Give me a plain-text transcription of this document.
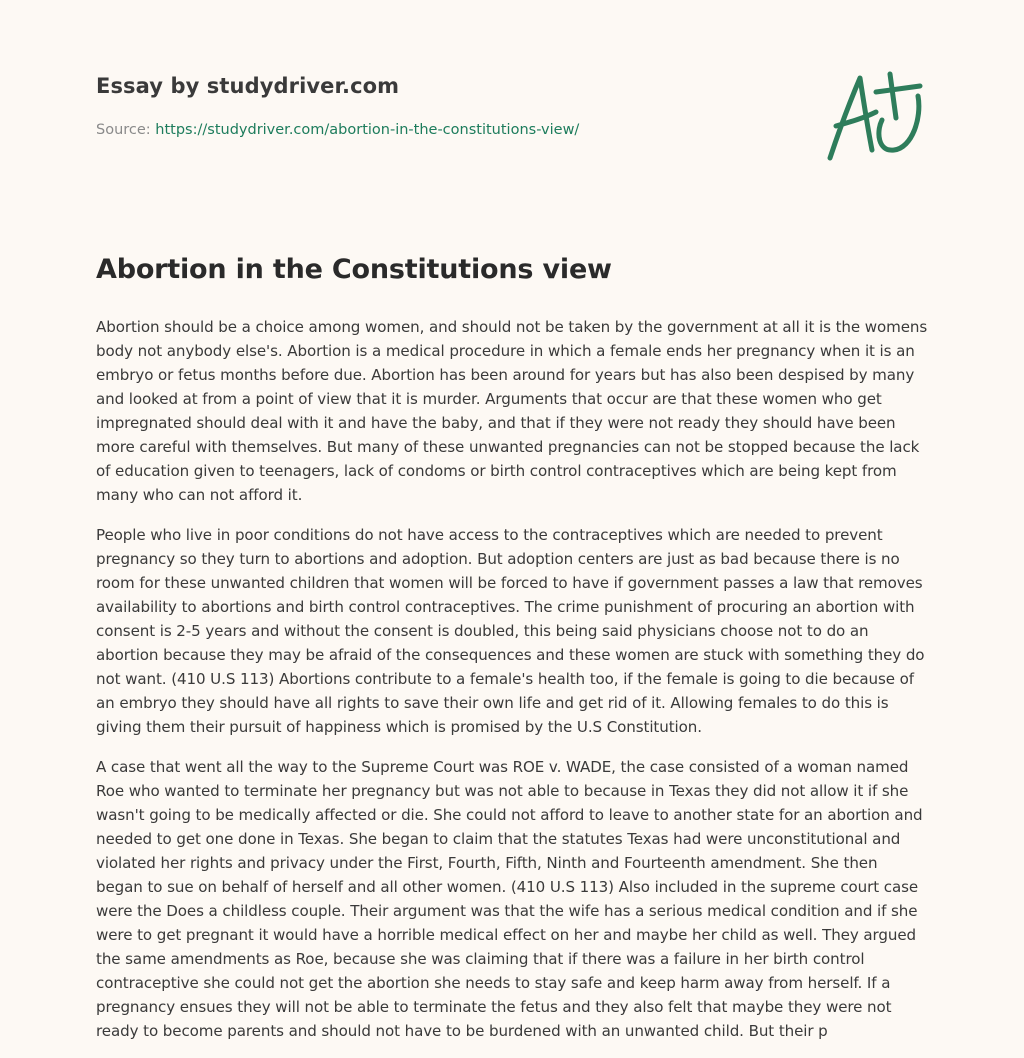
Essay by studydriver.com
Source: https://studydriver.com/abortion-in-the-constitutions-view/
Abortion in the Constitutions view

Abortion should be a choice among women, and should not be taken by the government at all it is the womens body not anybody else's. Abortion is a medical procedure in which a female ends her pregnancy when it is an embryo or fetus months before due. Abortion has been around for years but has also been despised by many and looked at from a point of view that it is murder. Arguments that occur are that these women who get impregnated should deal with it and have the baby, and that if they were not ready they should have been more careful with themselves. But many of these unwanted pregnancies can not be stopped because the lack of education given to teenagers, lack of condoms or birth control contraceptives which are being kept from many who can not afford it.

People who live in poor conditions do not have access to the contraceptives which are needed to prevent pregnancy so they turn to abortions and adoption. But adoption centers are just as bad because there is no room for these unwanted children that women will be forced to have if government passes a law that removes availability to abortions and birth control contraceptives. The crime punishment of procuring an abortion with consent is 2-5 years and without the consent is doubled, this being said physicians choose not to do an abortion because they may be afraid of the consequences and these women are stuck with something they do not want. (410 U.S 113) Abortions contribute to a female's health too, if the female is going to die because of an embryo they should have all rights to save their own life and get rid of it. Allowing females to do this is giving them their pursuit of happiness which is promised by the U.S Constitution.

A case that went all the way to the Supreme Court was ROE v. WADE, the case consisted of a woman named Roe who wanted to terminate her pregnancy but was not able to because in Texas they did not allow it if she wasn't going to be medically affected or die. She could not afford to leave to another state for an abortion and needed to get one done in Texas. She began to claim that the statutes Texas had were unconstitutional and violated her rights and privacy under the First, Fourth, Fifth, Ninth and Fourteenth amendment. She then began to sue on behalf of herself and all other women. (410 U.S 113) Also included in the supreme court case were the Does a childless couple. Their argument was that the wife has a serious medical condition and if she were to get pregnant it would have a horrible medical effect on her and maybe her child as well. They argued the same amendments as Roe, because she was claiming that if there was a failure in her birth control contraceptive she could not get the abortion she needs to stay safe and keep harm away from herself. If a pregnancy ensues they will not be able to terminate the fetus and they also felt that maybe they were not ready to become parents and should not have to be burdened with an unwanted child. But their p
